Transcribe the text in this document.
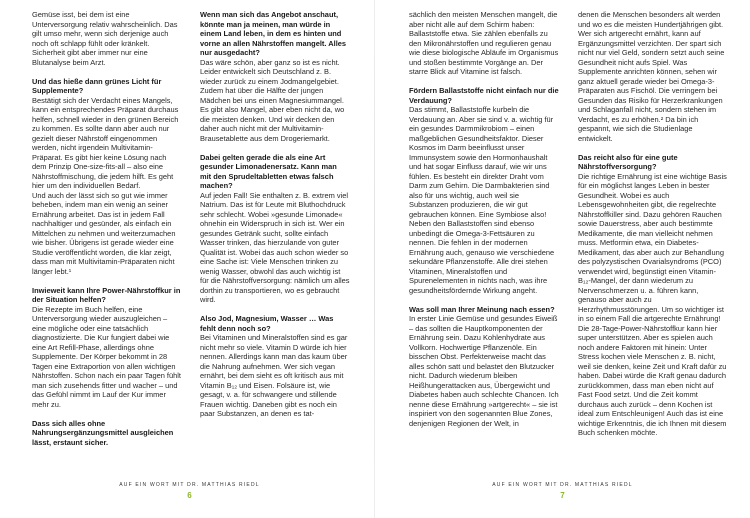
Gemüse isst, bei dem ist eine Unterversorgung relativ wahrscheinlich. Das gilt umso mehr, wenn sich derjenige auch noch oft schlapp fühlt oder kränkelt. Sicherheit gibt aber immer nur eine Blutanalyse beim Arzt.

Und das hieße dann grünes Licht für Supplemente?

Bestätigt sich der Verdacht eines Mangels, kann ein entsprechendes Präparat durchaus helfen, schnell wieder in den grünen Bereich zu kommen. Es sollte dann aber auch nur gezielt dieser Nährstoff eingenommen werden, nicht irgendein Multivitamin-Präparat. Es gibt hier keine Lösung nach dem Prinzip One-size-fits-all – also eine Nährstoffmischung, die jedem hilft. Es geht hier um den individuellen Bedarf.

Und auch der lässt sich so gut wie immer beheben, indem man ein wenig an seiner Ernährung arbeitet. Das ist in jedem Fall nachhaltiger und gesünder, als einfach ein Mittelchen zu nehmen und weiterzumachen wie bisher. Übrigens ist gerade wieder eine Studie veröffentlicht worden, die klar zeigt, dass man mit Multivitamin-Präparaten nicht länger lebt.¹

Inwieweit kann Ihre Power-Nährstoffkur in der Situation helfen?

Die Rezepte im Buch helfen, eine Unterversorgung wieder auszugleichen – eine mögliche oder eine tatsächlich diagnostizierte. Die Kur fungiert dabei wie eine Art Refill-Phase, allerdings ohne Supplemente. Der Körper bekommt in 28 Tagen eine Extraportion von allen wichtigen Nährstoffen. Schon nach ein paar Tagen fühlt man sich zusehends fitter und wacher – und das Gefühl nimmt im Lauf der Kur immer mehr zu.

Dass sich alles ohne Nahrungsergänzungsmittel ausgleichen lässt, erstaunt sicher.
Wenn man sich das Angebot anschaut, könnte man ja meinen, man würde in einem Land leben, in dem es hinten und vorne an allen Nährstoffen mangelt. Alles nur ausgedacht?

Das wäre schön, aber ganz so ist es nicht. Leider entwickelt sich Deutschland z. B. wieder zurück zu einem Jodmangelgebiet. Zudem hat über die Hälfte der jungen Mädchen bei uns einen Magnesiummangel. Es gibt also Mangel, aber eben nicht da, wo die meisten denken. Und wir decken den daher auch nicht mit der Multivitamin-Brausetablette aus dem Drogeriemarkt.

Dabei gelten gerade die als eine Art gesunder Limonadenersatz. Kann man mit den Sprudeltabletten etwas falsch machen?

Auf jeden Fall! Sie enthalten z. B. extrem viel Natrium. Das ist für Leute mit Bluthochdruck sehr schlecht. Wobei »gesunde Limonade« ohnehin ein Widerspruch in sich ist. Wer ein gesundes Getränk sucht, sollte einfach Wasser trinken, das hierzulande von guter Qualität ist. Wobei das auch schon wieder so eine Sache ist: Viele Menschen trinken zu wenig Wasser, obwohl das auch wichtig ist für die Nährstoffversorgung: nämlich um alles dorthin zu transportieren, wo es gebraucht wird.

Also Jod, Magnesium, Wasser … Was fehlt denn noch so?

Bei Vitaminen und Mineralstoffen sind es gar nicht mehr so viele. Vitamin D würde ich hier nennen. Allerdings kann man das kaum über die Nahrung aufnehmen. Wer sich vegan ernährt, bei dem sieht es oft kritisch aus mit Vitamin B₁₂ und Eisen. Folsäure ist, wie gesagt, v. a. für schwangere und stillende Frauen wichtig. Daneben gibt es noch ein paar Substanzen, an denen es tat-

AUF EIN WORT MIT DR. MATTHIAS RIEDL
6

sächlich den meisten Menschen mangelt, die aber nicht alle auf dem Schirm haben: Ballaststoffe etwa. Sie zählen ebenfalls zu den Mikronährstoffen und regulieren genau wie diese biologische Abläufe im Organismus und stoßen bestimmte Vorgänge an. Der starre Blick auf Vitamine ist falsch.

Fördern Ballaststoffe nicht einfach nur die Verdauung?

Das stimmt, Ballaststoffe kurbeln die Verdauung an. Aber sie sind v. a. wichtig für ein gesundes Darmmikrobiom – einen maßgeblichen Gesundheitsfaktor. Dieser Kosmos im Darm beeinflusst unser Immunsystem sowie den Hormonhaushalt und hat sogar Einfluss darauf, wie wir uns fühlen. Es besteht ein direkter Draht vom Darm zum Gehirn. Die Darmbakterien sind also für uns wichtig, auch weil sie Substanzen produzieren, die wir gut gebrauchen können. Eine Symbiose also! Neben den Ballaststoffen sind ebenso unbedingt die Omega-3-Fettsäuren zu nennen. Die fehlen in der modernen Ernährung auch, genauso wie verschiedene sekundäre Pflanzenstoffe. Alle drei stehen Vitaminen, Mineralstoffen und Spurenelementen in nichts nach, was ihre gesundheitsfördernde Wirkung angeht.

Was soll man Ihrer Meinung nach essen?

In erster Linie Gemüse und gesundes Eiweiß – das sollten die Hauptkomponenten der Ernährung sein. Dazu Kohlenhydrate aus Vollkorn. Hochwertige Pflanzenöle. Ein bisschen Obst. Perfekterweise macht das alles schön satt und belastet den Blutzucker nicht. Dadurch wiederum bleiben Heißhungerattacken aus, Übergewicht und Diabetes haben auch schlechte Chancen. Ich nenne diese Ernährung »artgerecht« – sie ist inspiriert von den sogenannten Blue Zones, denjenigen Regionen der Welt, in

denen die Menschen besonders alt werden und wo es die meisten Hundertjährigen gibt. Wer sich artgerecht ernährt, kann auf Ergänzungsmittel verzichten. Der spart sich nicht nur viel Geld, sondern setzt auch seine Gesundheit nicht aufs Spiel. Was Supplemente anrichten können, sehen wir ganz aktuell gerade wieder bei Omega-3-Präparaten aus Fischöl. Die verringern bei Gesunden das Risiko für Herzerkrankungen und Schlaganfall nicht, sondern stehen im Verdacht, es zu erhöhen.² Da bin ich gespannt, wie sich die Studienlage entwickelt.

Das reicht also für eine gute Nährstoffversorgung?

Die richtige Ernährung ist eine wichtige Basis für ein möglichst langes Leben in bester Gesundheit. Wobei es auch Lebensgewohnheiten gibt, die regelrechte Nährstoffkiller sind. Dazu gehören Rauchen sowie Dauerstress, aber auch bestimmte Medikamente, die man vielleicht nehmen muss. Metformin etwa, ein Diabetes-Medikament, das aber auch zur Behandlung des polyzystischen Ovarialsyndroms (PCO) verwendet wird, begünstigt einen Vitamin-B₁₂-Mangel, der dann wiederum zu Nervenschmerzen u. a. führen kann, genauso aber auch zu Herzrhythmusstörungen. Um so wichtiger ist in so einem Fall die artgerechte Ernährung! Die 28-Tage-Power-Nährstoffkur kann hier super unterstützen. Aber es spielen auch noch andere Faktoren mit hinein: Unter Stress kochen viele Menschen z. B. nicht, weil sie denken, keine Zeit und Kraft dafür zu haben. Dabei würde die Kraft genau dadurch zurückkommen, dass man eben nicht auf Fast Food setzt. Und die Zeit kommt durchaus auch zurück – denn Kochen ist ideal zum Entschleunigen! Auch das ist eine wichtige Erkenntnis, die ich Ihnen mit diesem Buch schenken möchte.

AUF EIN WORT MIT DR. MATTHIAS RIEDL
7
